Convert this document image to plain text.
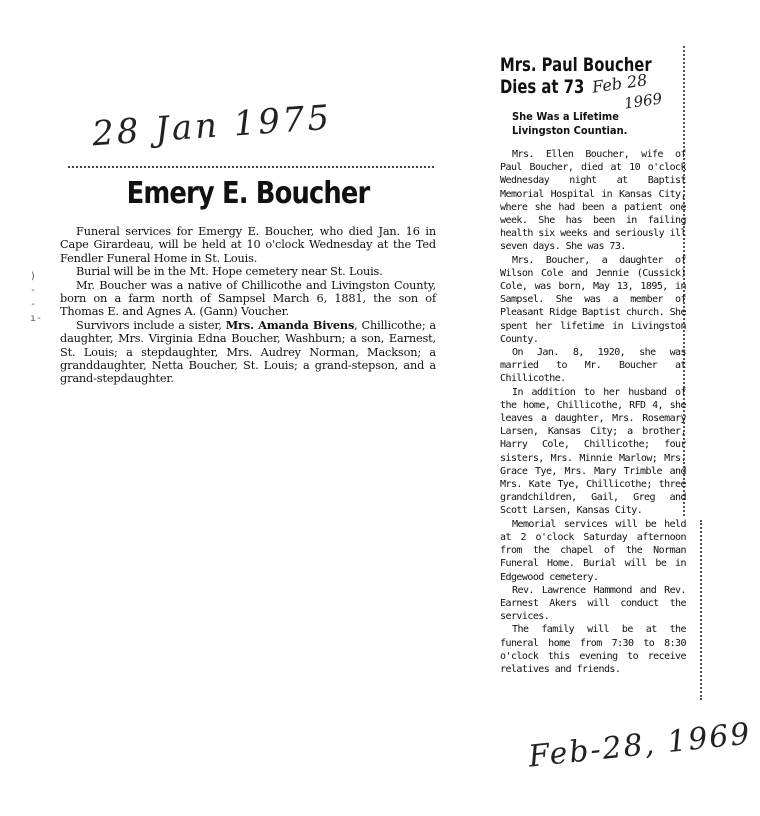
28 Jan 1975
Feb 28
1969
Feb-28, 1969
)
-
-
ı-
Emery E. Boucher

Funeral services for Emergy E. Boucher, who died Jan. 16 in Cape Girardeau, will be held at 10 o'clock Wednesday at the Ted Fendler Funeral Home in St. Louis.

Burial will be in the Mt. Hope cemetery near St. Louis.

Mr. Boucher was a native of Chillicothe and Livingston County, born on a farm north of Sampsel March 6, 1881, the son of Thomas E. and Agnes A. (Gann) Voucher.

Survivors include a sister, Mrs. Amanda Bivens, Chillicothe; a daughter, Mrs. Virginia Edna Boucher, Washburn; a son, Earnest, St. Louis; a stepdaughter, Mrs. Audrey Norman, Mackson; a granddaughter, Netta Boucher, St. Louis; a grand-stepson, and a grand-stepdaughter.

Mrs. Paul Boucher
Dies at 73
She Was a Lifetime
Livingston Countian.

Mrs. Ellen Boucher, wife of Paul Boucher, died at 10 o'clock Wednesday night at Baptist Memorial Hospital in Kansas City, where she had been a patient one week. She has been in failing health six weeks and seriously ill seven days. She was 73.

Mrs. Boucher, a daughter of Wilson Cole and Jennie (Cussick) Cole, was born, May 13, 1895, in Sampsel. She was a member of Pleasant Ridge Baptist church. She spent her lifetime in Livingston County.

On Jan. 8, 1920, she was married to Mr. Boucher at Chillicothe.

In addition to her husband of the home, Chillicothe, RFD 4, she leaves a daughter, Mrs. Rosemary Larsen, Kansas City; a brother, Harry Cole, Chillicothe; four sisters, Mrs. Minnie Marlow; Mrs. Grace Tye, Mrs. Mary Trimble and Mrs. Kate Tye, Chillicothe; three grandchildren, Gail, Greg and Scott Larsen, Kansas City.

Memorial services will be held at 2 o'clock Saturday afternoon from the chapel of the Norman Funeral Home. Burial will be in Edgewood cemetery.

Rev. Lawrence Hammond and Rev. Earnest Akers will conduct the services.

The family will be at the funeral home from 7:30 to 8:30 o'clock this evening to receive relatives and friends.
